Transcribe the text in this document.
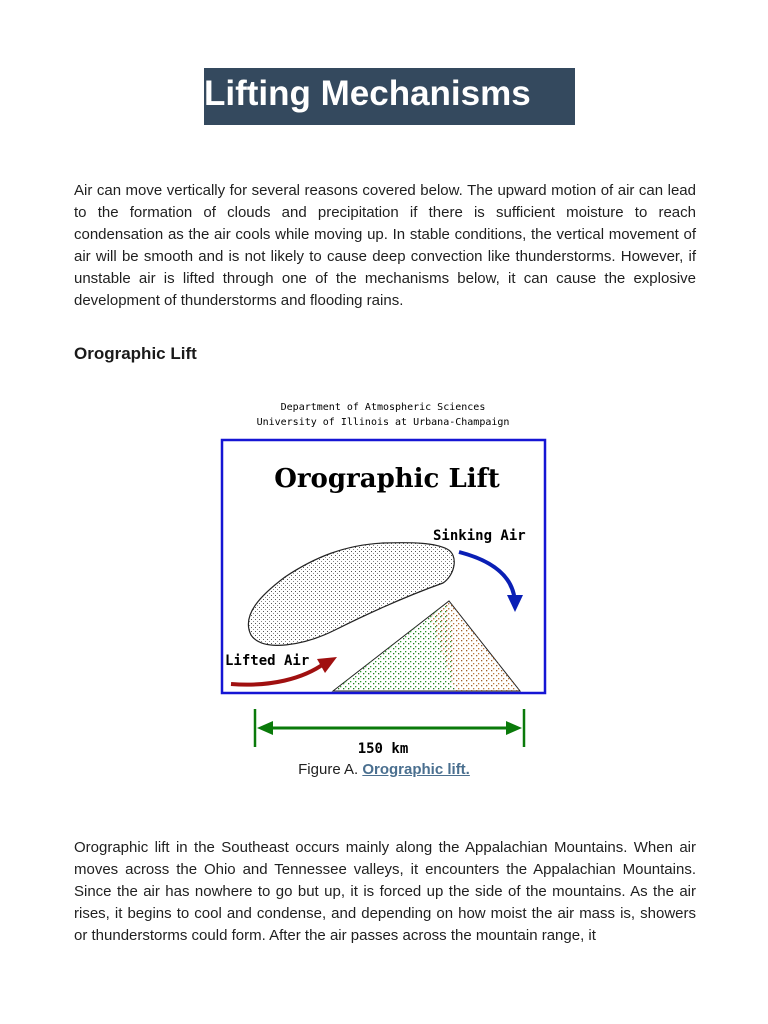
Lifting Mechanisms

Air can move vertically for several reasons covered below. The upward motion of air can lead to the formation of clouds and precipitation if there is sufficient moisture to reach condensation as the air cools while moving up. In stable conditions, the vertical movement of air will be smooth and is not likely to cause deep convection like thunderstorms. However, if unstable air is lifted through one of the mechanisms below, it can cause the explosive development of thunderstorms and flooding rains.

Orographic Lift
Department of Atmospheric Sciences
University of Illinois at Urbana-Champaign
Orographic Lift
Sinking Air
Lifted Air
150 km
Figure A. Orographic lift.

Orographic lift in the Southeast occurs mainly along the Appalachian Mountains. When air moves across the Ohio and Tennessee valleys, it encounters the Appalachian Mountains. Since the air has nowhere to go but up, it is forced up the side of the mountains. As the air rises, it begins to cool and condense, and depending on how moist the air mass is, showers or thunderstorms could form. After the air passes across the mountain range, it
